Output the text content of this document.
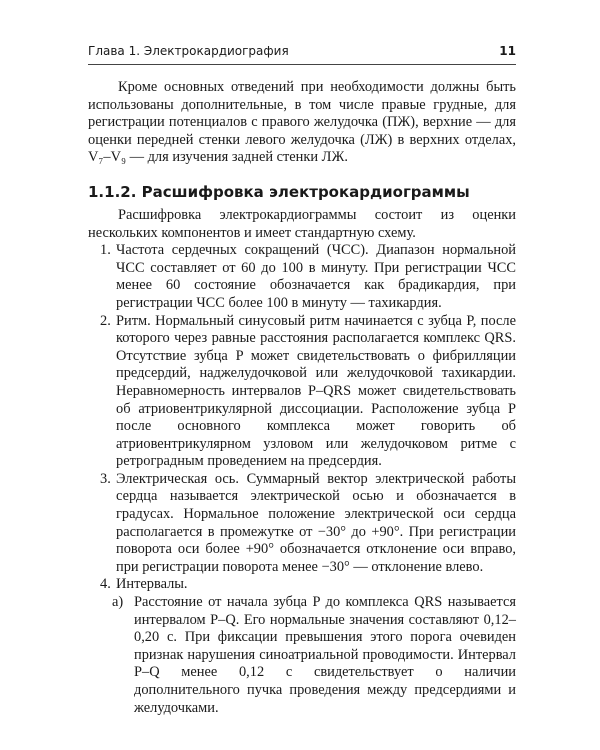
Глава 1. Электрокардиография	11

Кроме основных отведений при необходимости должны быть использованы дополнительные, в том числе правые грудные, для регистрации потенциалов с правого желудочка (ПЖ), верхние — для оценки передней стенки левого желудочка (ЛЖ) в верхних отделах, V₇–V₉ — для изучения задней стенки ЛЖ.

1.1.2. Расшифровка электрокардиограммы

Расшифровка электрокардиограммы состоит из оценки нескольких компонентов и имеет стандартную схему.

1. Частота сердечных сокращений (ЧСС). Диапазон нормальной ЧСС составляет от 60 до 100 в минуту. При регистрации ЧСС менее 60 состояние обозначается как брадикардия, при регистрации ЧСС более 100 в минуту — тахикардия.
2. Ритм. Нормальный синусовый ритм начинается с зубца P, после которого через равные расстояния располагается комплекс QRS. Отсутствие зубца P может свидетельствовать о фибрилляции предсердий, наджелудочковой или желудочковой тахикардии. Неравномерность интервалов P–QRS может свидетельствовать об атриовентрикулярной диссоциации. Расположение зубца P после основного комплекса может говорить об атриовентрикулярном узловом или желудочковом ритме с ретроградным проведением на предсердия.
3. Электрическая ось. Суммарный вектор электрической работы сердца называется электрической осью и обозначается в градусах. Нормальное положение электрической оси сердца располагается в промежутке от −30° до +90°. При регистрации поворота оси более +90° обозначается отклонение оси вправо, при регистрации поворота менее −30° — отклонение влево.
4. Интервалы.
а) Расстояние от начала зубца P до комплекса QRS называется интервалом P–Q. Его нормальные значения составляют 0,12–0,20 с. При фиксации превышения этого порога очевиден признак нарушения синоатриальной проводимости. Интервал P–Q менее 0,12 с свидетельствует о наличии дополнительного пучка проведения между предсердиями и желудочками.
